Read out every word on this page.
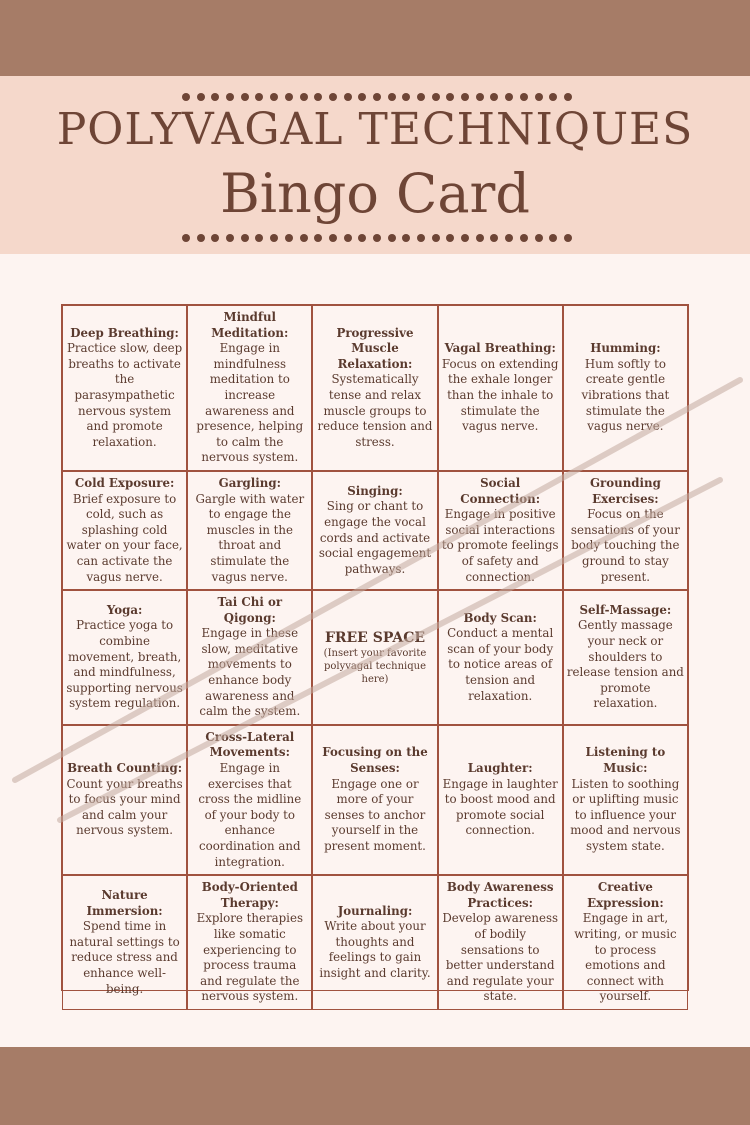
POLYVAGAL TECHNIQUES
Bingo Card
Deep Breathing:
Practice slow, deep breaths to activate the parasympathetic nervous system and promote relaxation.
Mindful Meditation:
Engage in mindfulness meditation to increase awareness and presence, helping to calm the nervous system.
Progressive Muscle Relaxation:
Systematically tense and relax muscle groups to reduce tension and stress.
Vagal Breathing:
Focus on extending the exhale longer than the inhale to stimulate the vagus nerve.
Humming:
Hum softly to create gentle vibrations that stimulate the vagus nerve.
Cold Exposure:
Brief exposure to cold, such as splashing cold water on your face, can activate the vagus nerve.
Gargling:
Gargle with water to engage the muscles in the throat and stimulate the vagus nerve.
Singing:
Sing or chant to engage the vocal cords and activate social engagement pathways.
Social Connection:
Engage in positive social interactions to promote feelings of safety and connection.
Grounding Exercises:
Focus on the sensations of your body touching the ground to stay present.
Yoga:
Practice yoga to combine movement, breath, and mindfulness, supporting nervous system regulation.
Tai Chi or Qigong:
Engage in these slow, meditative movements to enhance body awareness and calm the system.
FREE SPACE
(Insert your favorite polyvagal technique here)
Body Scan:
Conduct a mental scan of your body to notice areas of tension and relaxation.
Self-Massage:
Gently massage your neck or shoulders to release tension and promote relaxation.
Breath Counting:
Count your breaths to focus your mind and calm your nervous system.
Cross-Lateral Movements:
Engage in exercises that cross the midline of your body to enhance coordination and integration.
Focusing on the Senses:
Engage one or more of your senses to anchor yourself in the present moment.
Laughter:
Engage in laughter to boost mood and promote social connection.
Listening to Music:
Listen to soothing or uplifting music to influence your mood and nervous system state.
Nature Immersion:
Spend time in natural settings to reduce stress and enhance well-being.
Body-Oriented Therapy:
Explore therapies like somatic experiencing to process trauma and regulate the nervous system.
Journaling:
Write about your thoughts and feelings to gain insight and clarity.
Body Awareness Practices:
Develop awareness of bodily sensations to better understand and regulate your state.
Creative Expression:
Engage in art, writing, or music to process emotions and connect with yourself.
